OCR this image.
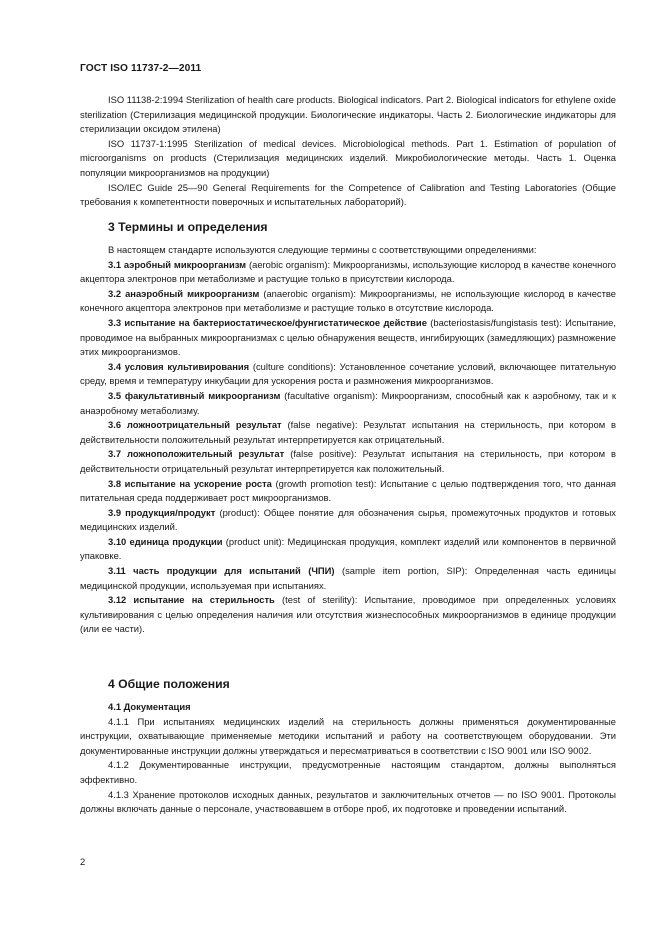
ГОСТ ISO 11737-2—2011

ISO 11138-2:1994 Sterilization of health care products. Biological indicators. Part 2. Biological indicators for ethylene oxide sterilization (Стерилизация медицинской продукции. Биологические индикаторы. Часть 2. Биологические индикаторы для стерилизации оксидом этилена)

ISO 11737-1:1995 Sterilization of medical devices. Microbiological methods. Part 1. Estimation of population of microorganisms on products (Стерилизация медицинских изделий. Микробиологические методы. Часть 1. Оценка популяции микроорганизмов на продукции)

ISO/IEC Guide 25—90 General Requirements for the Competence of Calibration and Testing Laboratories (Общие требования к компетентности поверочных и испытательных лабораторий).

3 Термины и определения

В настоящем стандарте используются следующие термины с соответствующими определениями:

3.1 аэробный микроорганизм (aerobic organism): Микроорганизмы, использующие кислород в качестве конечного акцептора электронов при метаболизме и растущие только в присутствии кислорода.

3.2 анаэробный микроорганизм (anaerobic organism): Микроорганизмы, не использующие кислород в качестве конечного акцептора электронов при метаболизме и растущие только в отсутствие кислорода.

3.3 испытание на бактериостатическое/фунгистатическое действие (bacteriostasis/fungistasis test): Испытание, проводимое на выбранных микроорганизмах с целью обнаружения веществ, ингибирующих (замедляющих) размножение этих микроорганизмов.

3.4 условия культивирования (culture conditions): Установленное сочетание условий, включающее питательную среду, время и температуру инкубации для ускорения роста и размножения микроорганизмов.

3.5 факультативный микроорганизм (facultative organism): Микроорганизм, способный как к аэробному, так и к анаэробному метаболизму.

3.6 ложноотрицательный результат (false negative): Результат испытания на стерильность, при котором в действительности положительный результат интерпретируется как отрицательный.

3.7 ложноположительный результат (false positive): Результат испытания на стерильность, при котором в действительности отрицательный результат интерпретируется как положительный.

3.8 испытание на ускорение роста (growth promotion test): Испытание с целью подтверждения того, что данная питательная среда поддерживает рост микроорганизмов.

3.9 продукция/продукт (product): Общее понятие для обозначения сырья, промежуточных продуктов и готовых медицинских изделий.

3.10 единица продукции (product unit): Медицинская продукция, комплект изделий или компонентов в первичной упаковке.

3.11 часть продукции для испытаний (ЧПИ) (sample item portion, SIP): Определенная часть единицы медицинской продукции, используемая при испытаниях.

3.12 испытание на стерильность (test of sterility): Испытание, проводимое при определенных условиях культивирования с целью определения наличия или отсутствия жизнеспособных микроорганизмов в единице продукции (или ее части).

4 Общие положения

4.1 Документация

4.1.1 При испытаниях медицинских изделий на стерильность должны применяться документированные инструкции, охватывающие применяемые методики испытаний и работу на соответствующем оборудовании. Эти документированные инструкции должны утверждаться и пересматриваться в соответствии с ISO 9001 или ISO 9002.

4.1.2 Документированные инструкции, предусмотренные настоящим стандартом, должны выполняться эффективно.

4.1.3 Хранение протоколов исходных данных, результатов и заключительных отчетов — по ISO 9001. Протоколы должны включать данные о персонале, участвовавшем в отборе проб, их подготовке и проведении испытаний.

2
